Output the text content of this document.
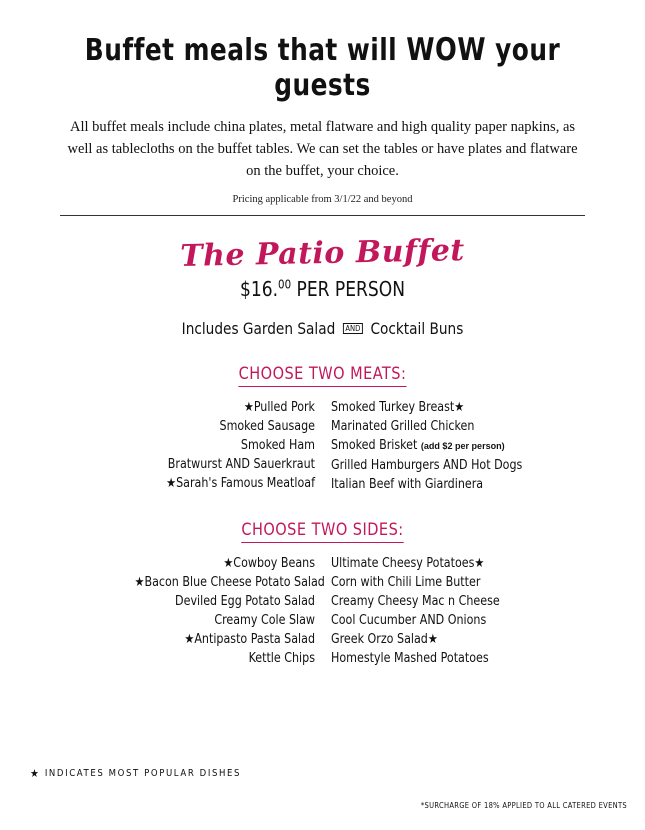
Buffet meals that will WOW your guests
All buffet meals include china plates, metal flatware and high quality paper napkins, as well as tablecloths on the buffet tables. We can set the tables or have plates and flatware on the buffet, your choice.
Pricing applicable from 3/1/22 and beyond
The Patio Buffet
$16.00 PER PERSON
Includes Garden Salad AND Cocktail Buns
CHOOSE TWO MEATS:
★Pulled Pork
Smoked Sausage
Smoked Ham
Bratwurst AND Sauerkraut
★Sarah's Famous Meatloaf
Smoked Turkey Breast★
Marinated Grilled Chicken
Smoked Brisket (add $2 per person)
Grilled Hamburgers AND Hot Dogs
Italian Beef with Giardinera
CHOOSE TWO SIDES:
★Cowboy Beans
★Bacon Blue Cheese Potato Salad
Deviled Egg Potato Salad
Creamy Cole Slaw
★Antipasto Pasta Salad
Kettle Chips
Ultimate Cheesy Potatoes★
Corn with Chili Lime Butter
Creamy Cheesy Mac n Cheese
Cool Cucumber AND Onions
Greek Orzo Salad★
Homestyle Mashed Potatoes
★ INDICATES MOST POPULAR DISHES
*SURCHARGE OF 18% APPLIED TO ALL CATERED EVENTS
